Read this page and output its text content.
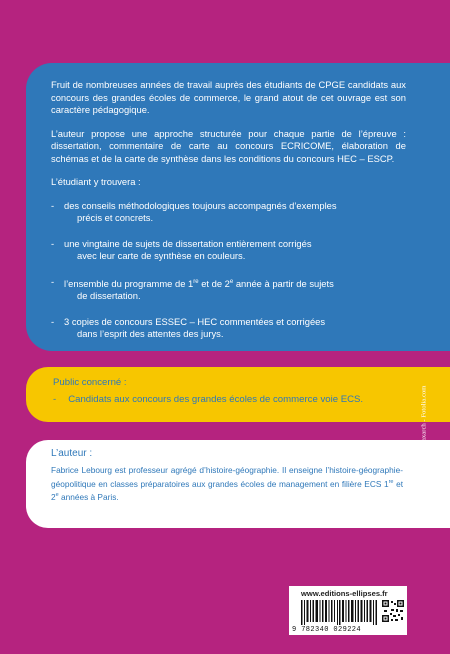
Fruit de nombreuses années de travail auprès des étudiants de CPGE candidats aux concours des grandes écoles de commerce, le grand atout de cet ouvrage est son caractère pédagogique.

L’auteur propose une approche structurée pour chaque partie de l’épreuve : dissertation, commentaire de carte au concours ECRICOME, élaboration de schémas et de la carte de synthèse dans les conditions du concours HEC – ESCP.

L’étudiant y trouvera :

- des conseils méthodologiques toujours accompagnés d’exemples
précis et concrets.
- une vingtaine de sujets de dissertation entièrement corrigés
avec leur carte de synthèse en couleurs.
- l’ensemble du programme de 1re et de 2e année à partir de sujets
de dissertation.
- 3 copies de concours ESSEC – HEC commentées et corrigées
dans l’esprit des attentes des jurys.
Public concerné :
- Candidats aux concours des grandes écoles de commerce voie ECS.
L’auteur :
Fabrice Lebourg est professeur agrégé d’histoire-géographie. Il enseigne l’histoire-géographie-géopolitique en classes préparatoires aux grandes écoles de management en filière ECS 1re et 2e années à Paris.	Illustration de couverture : © taxarch - Fotolia.com
www.editions-ellipses.fr
9 782340 029224
